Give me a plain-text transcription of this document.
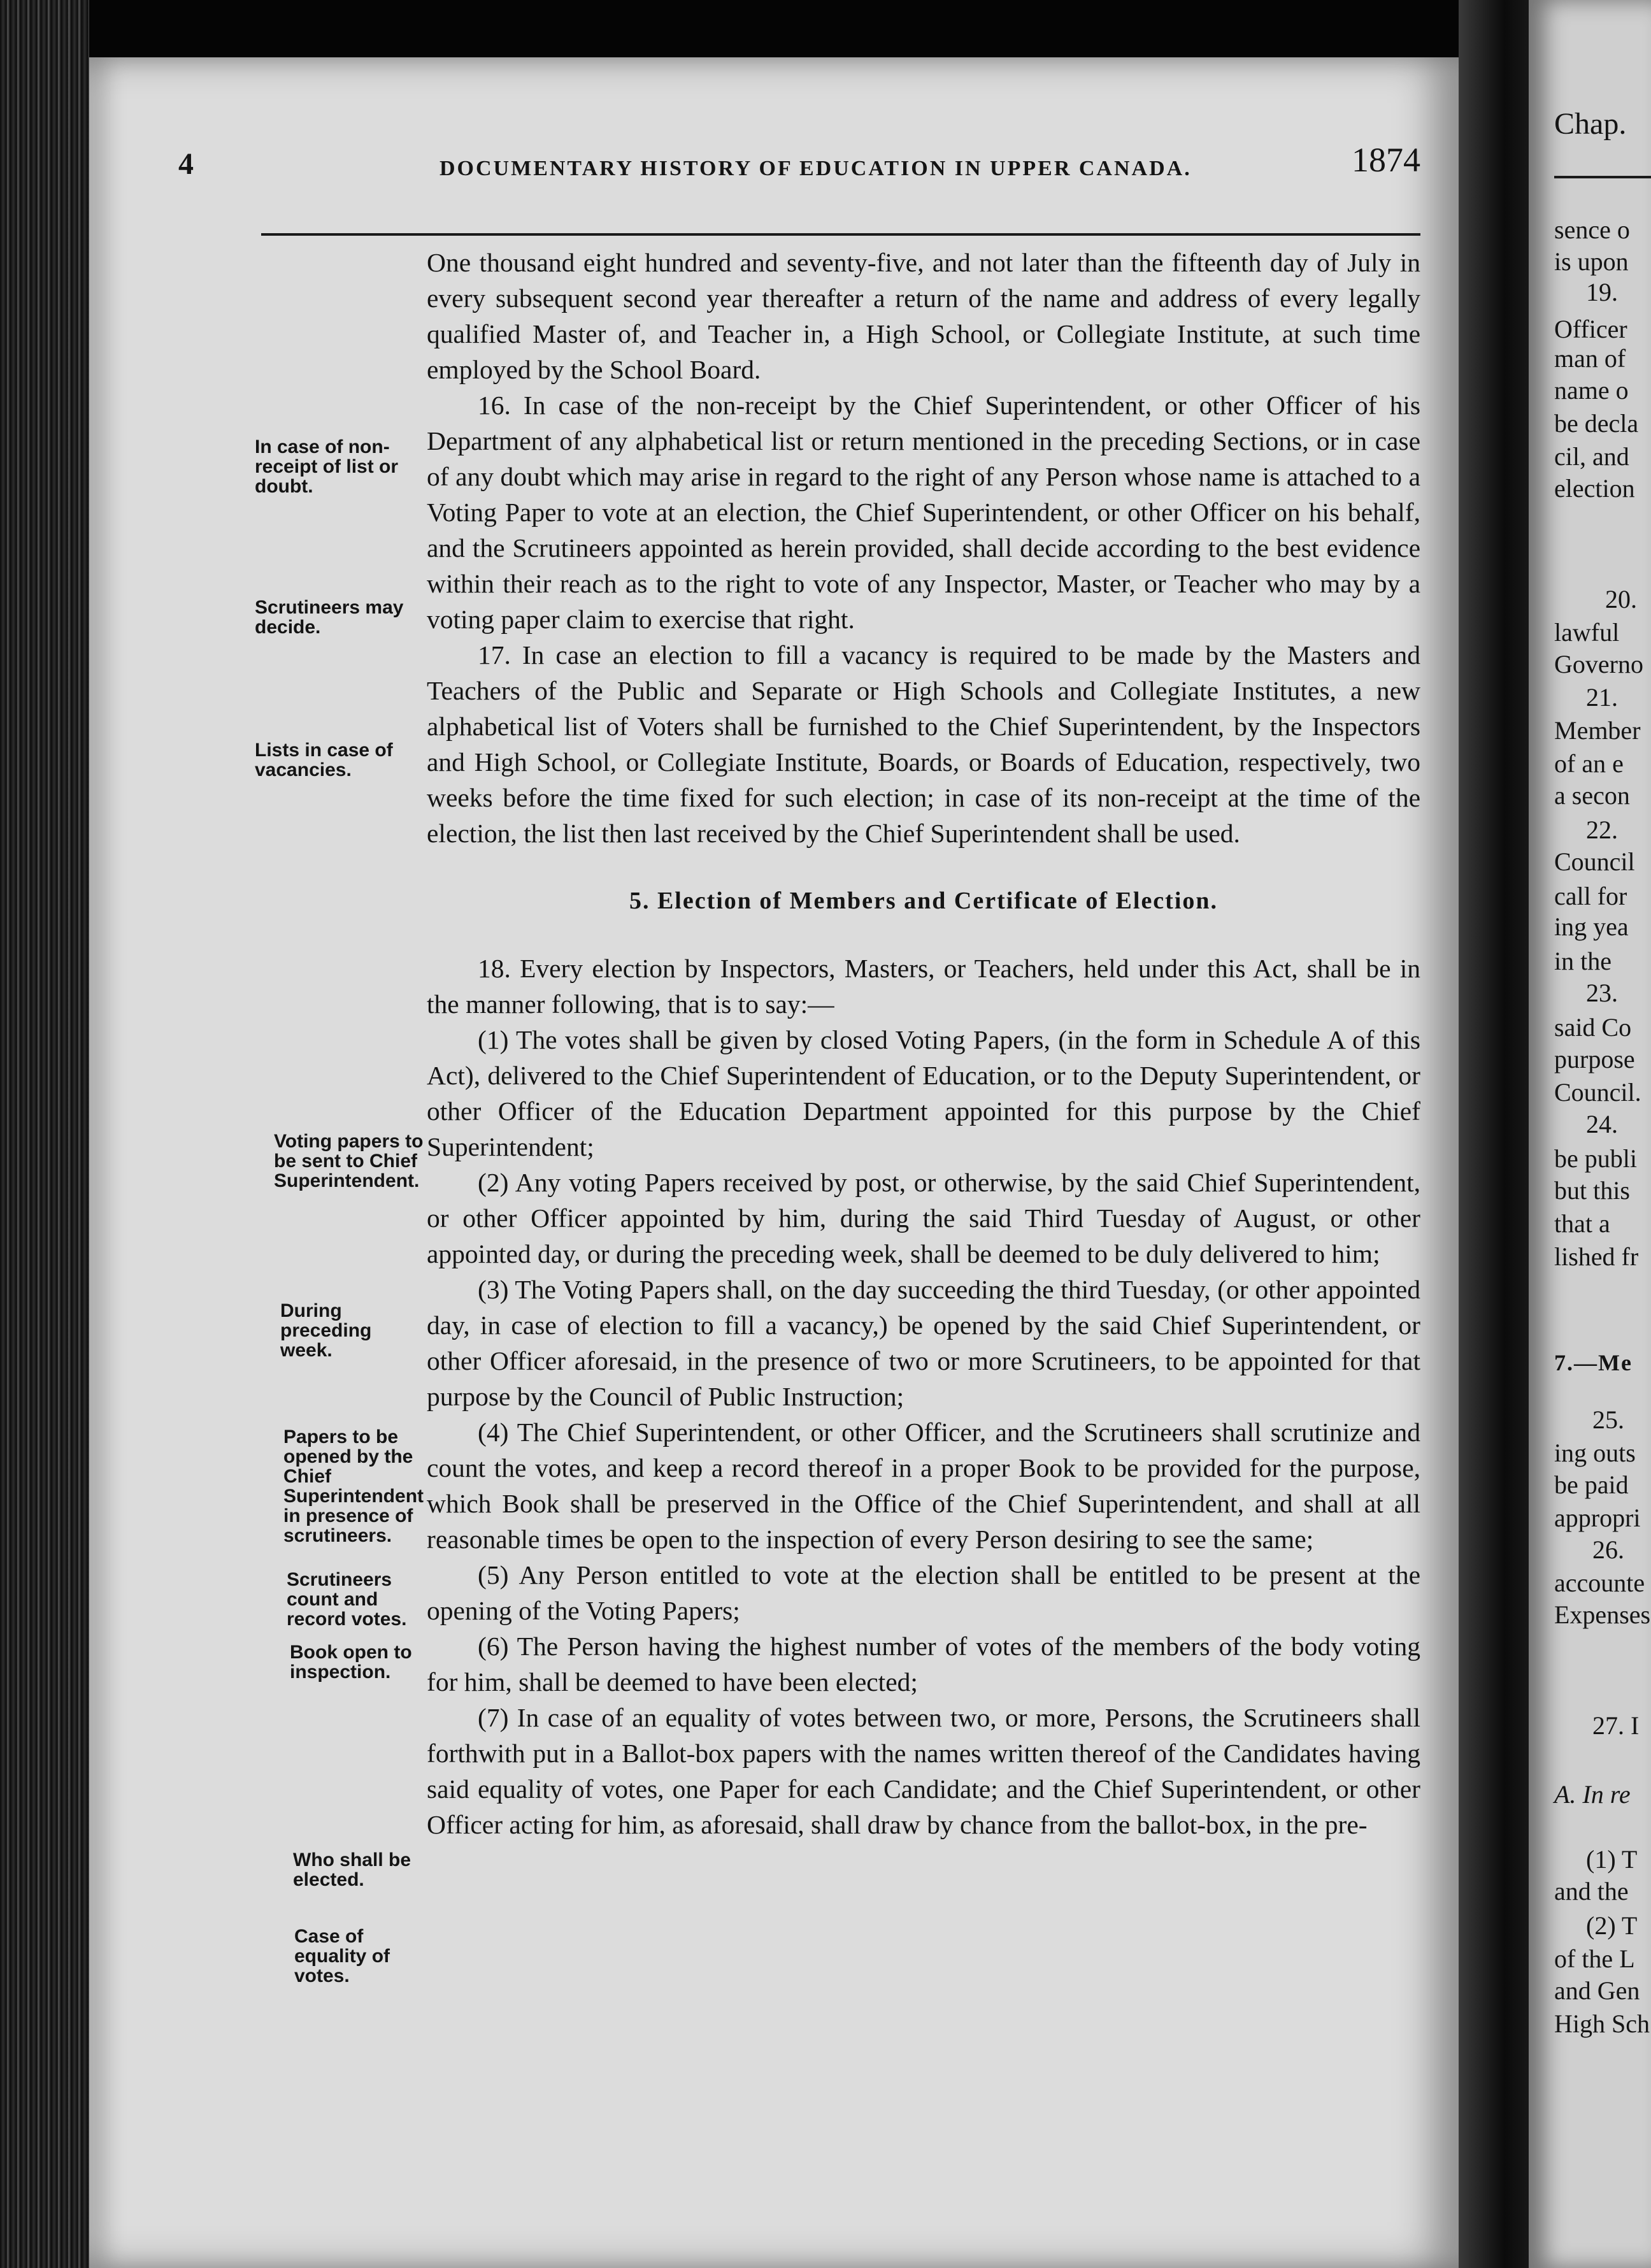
4	DOCUMENTARY HISTORY OF EDUCATION IN UPPER CANADA.	1874
In case of non-receipt of list or doubt.
Scrutineers may decide.
Lists in case of vacancies.
Voting papers to be sent to Chief Superintendent.
During preceding week.
Papers to be opened by the Chief Superintendent in presence of scrutineers.
Scrutineers count and record votes.
Book open to inspection.
Who shall be elected.
Case of equality of votes.

One thousand eight hundred and seventy-five, and not later than the fifteenth day of July in every subsequent second year thereafter a return of the name and address of every legally qualified Master of, and Teacher in, a High School, or Collegiate Institute, at such time employed by the School Board.

16. In case of the non-receipt by the Chief Superintendent, or other Officer of his Department of any alphabetical list or return mentioned in the preceding Sections, or in case of any doubt which may arise in regard to the right of any Person whose name is attached to a Voting Paper to vote at an election, the Chief Superintendent, or other Officer on his behalf, and the Scrutineers appointed as herein provided, shall decide according to the best evidence within their reach as to the right to vote of any Inspector, Master, or Teacher who may by a voting paper claim to exercise that right.

17. In case an election to fill a vacancy is required to be made by the Masters and Teachers of the Public and Separate or High Schools and Collegiate Institutes, a new alphabetical list of Voters shall be furnished to the Chief Superintendent, by the Inspectors and High School, or Collegiate Institute, Boards, or Boards of Education, respectively, two weeks before the time fixed for such election; in case of its non-receipt at the time of the election, the list then last received by the Chief Superintendent shall be used.

5. Election of Members and Certificate of Election.

18. Every election by Inspectors, Masters, or Teachers, held under this Act, shall be in the manner following, that is to say:—

(1) The votes shall be given by closed Voting Papers, (in the form in Schedule A of this Act), delivered to the Chief Superintendent of Education, or to the Deputy Superintendent, or other Officer of the Education Department appointed for this purpose by the Chief Superintendent;

(2) Any voting Papers received by post, or otherwise, by the said Chief Superintendent, or other Officer appointed by him, during the said Third Tuesday of August, or other appointed day, or during the preceding week, shall be deemed to be duly delivered to him;

(3) The Voting Papers shall, on the day succeeding the third Tuesday, (or other appointed day, in case of election to fill a vacancy,) be opened by the said Chief Superintendent, or other Officer aforesaid, in the presence of two or more Scrutineers, to be appointed for that purpose by the Council of Public Instruction;

(4) The Chief Superintendent, or other Officer, and the Scrutineers shall scrutinize and count the votes, and keep a record thereof in a proper Book to be provided for the purpose, which Book shall be preserved in the Office of the Chief Superintendent, and shall at all reasonable times be open to the inspection of every Person desiring to see the same;

(5) Any Person entitled to vote at the election shall be entitled to be present at the opening of the Voting Papers;

(6) The Person having the highest number of votes of the members of the body voting for him, shall be deemed to have been elected;

(7) In case of an equality of votes between two, or more, Persons, the Scrutineers shall forthwith put in a Ballot-box papers with the names written thereof of the Candidates having said equality of votes, one Paper for each Candidate; and the Chief Superintendent, or other Officer acting for him, as aforesaid, shall draw by chance from the ballot-box, in the pre-

Chap.
sence o
is upon
19.
Officer
man of
name o
be decla
cil, and
election
20.
lawful
Governo
21.
Member
of an e
a secon
22.
Council
call for
ing yea
in the
23.
said Co
purpose
Council.
24.
be publi
but this
that a
lished fr
7.—Me
25.
ing outs
be paid
appropri
26.
accounte
Expenses
27. I
A. In re
(1) T
and the
(2) T
of the L
and Gen
High Sch
